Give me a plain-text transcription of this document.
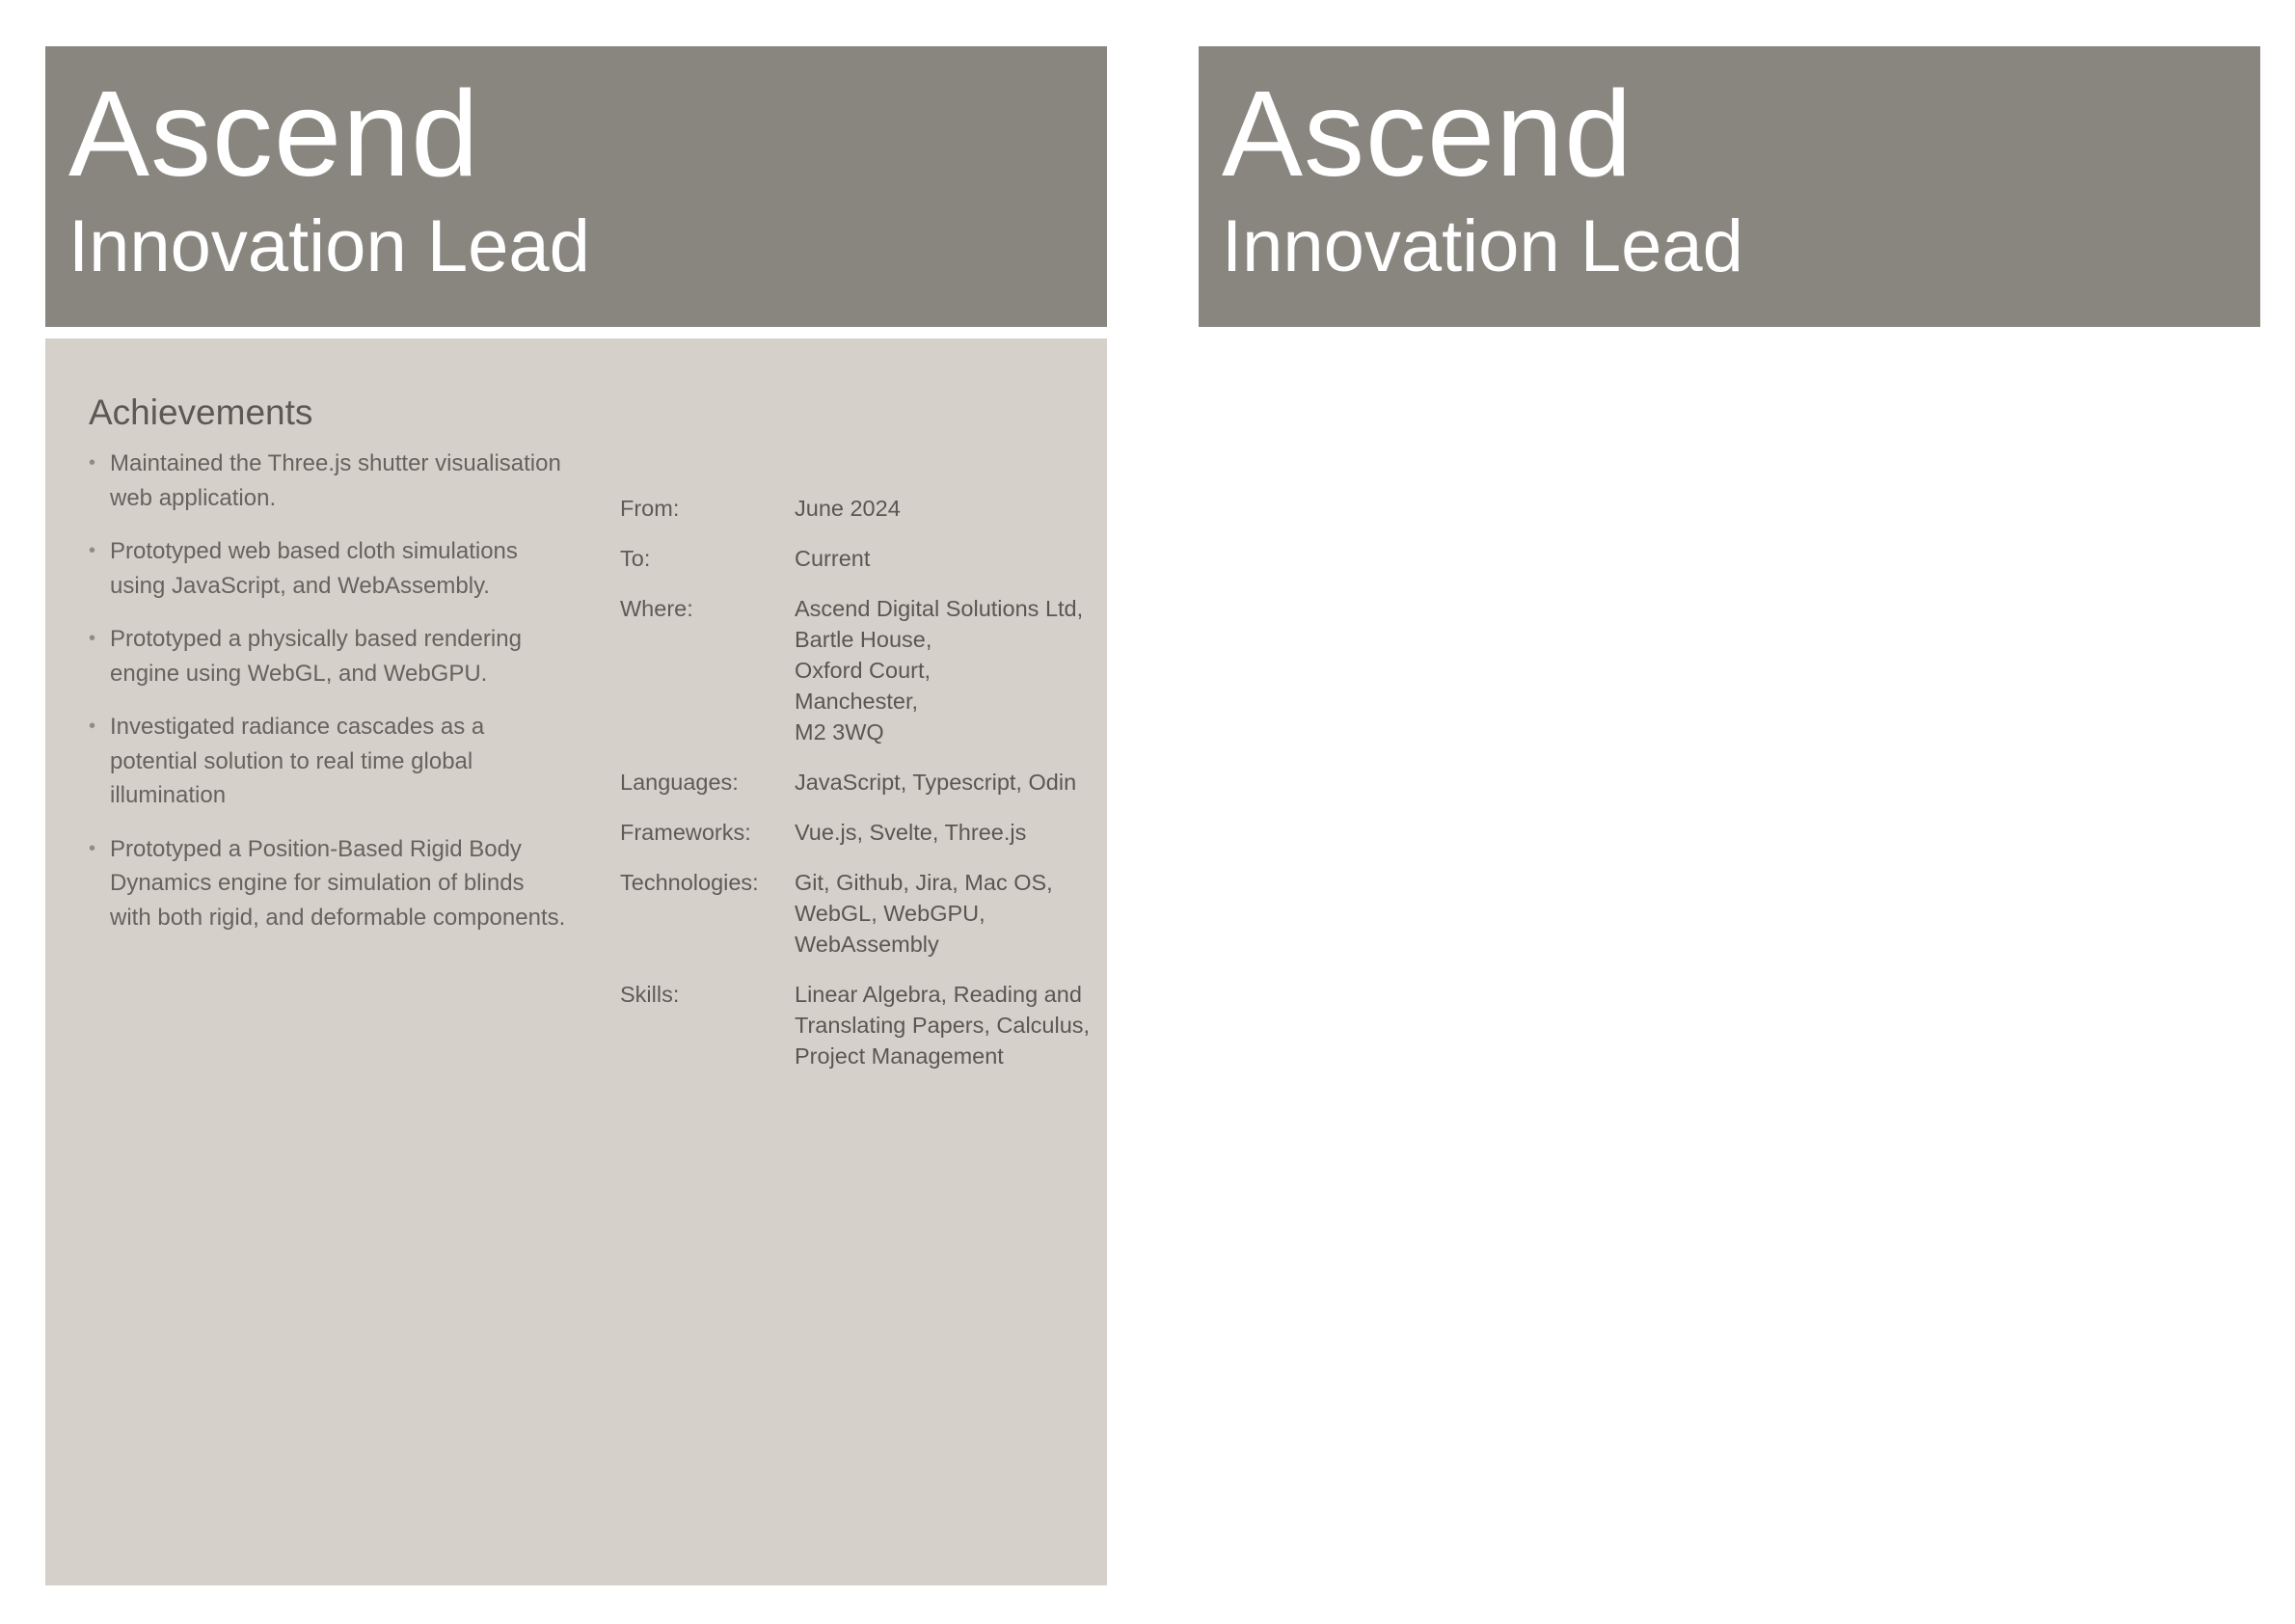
Ascend
Innovation Lead
Ascend
Innovation Lead
Achievements
• Maintained the Three.js shutter visualisation web application.
• Prototyped web based cloth simulations using JavaScript, and WebAssembly.
• Prototyped a physically based rendering engine using WebGL, and WebGPU.
• Investigated radiance cascades as a potential solution to real time global illumination
• Prototyped a Position-Based Rigid Body Dynamics engine for simulation of blinds with both rigid, and deformable components.
From:	June 2024
To:	Current
Where:	Ascend Digital Solutions Ltd,
Bartle House,
Oxford Court,
Manchester,
M2 3WQ
Languages:	JavaScript, Typescript, Odin
Frameworks:	Vue.js, Svelte, Three.js
Technologies:	Git, Github, Jira, Mac OS,
WebGL, WebGPU,
WebAssembly
Skills:	Linear Algebra, Reading and
Translating Papers, Calculus,
Project Management
